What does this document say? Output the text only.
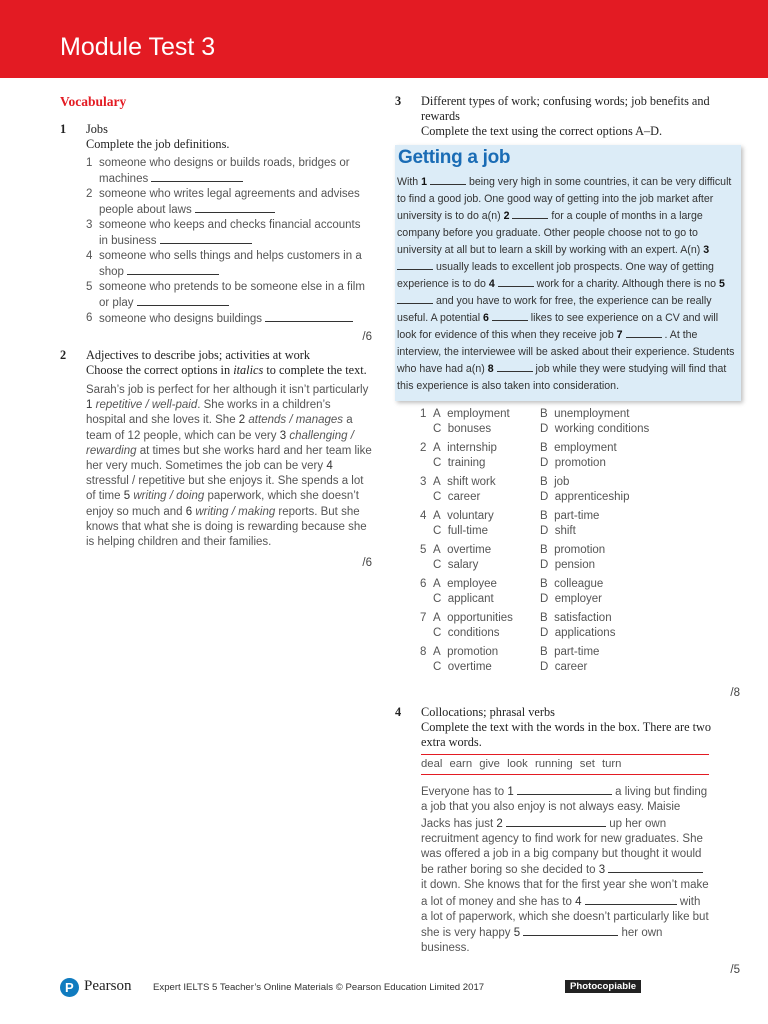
Module Test 3
Vocabulary
1 Jobs
Complete the job definitions.
1 someone who designs or builds roads, bridges or machines
2 someone who writes legal agreements and advises people about laws
3 someone who keeps and checks financial accounts in business
4 someone who sells things and helps customers in a shop
5 someone who pretends to be someone else in a film or play
6 someone who designs buildings
/6
2 Adjectives to describe jobs; activities at work
Choose the correct options in italics to complete the text.
Sarah’s job is perfect for her although it isn’t particularly 1 repetitive / well-paid. She works in a children’s hospital and she loves it. She 2 attends / manages a team of 12 people, which can be very 3 challenging / rewarding at times but she works hard and her team like her very much. Sometimes the job can be very 4 stressful / repetitive but she enjoys it. She spends a lot of time 5 writing / doing paperwork, which she doesn’t enjoy so much and 6 writing / making reports. But she knows that what she is doing is rewarding because she is helping children and their families.
/6
3 Different types of work; confusing words; job benefits and rewards
Complete the text using the correct options A–D.
Getting a job
With 1	being very high in some countries, it can be very difficult to find a good job. One good way of getting into the job market after university is to do a(n) 2	for a couple of months in a large company before you graduate. Other people choose not to go to university at all but to learn a skill by working with an expert. A(n) 3  usually leads to excellent job prospects. One way of getting experience is to do 4	work for a charity. Although there is no 5  and you have to work for free, the experience can be really useful. A potential 6	likes to see experience on a CV and will look for evidence of this when they receive job 7	. At the interview, the interviewee will be asked about their experience. Students who have had a(n) 8	job while they were studying will find that this experience is also taken into consideration.
1 A  employment	B  unemployment
C  bonuses	D  working conditions
2 A  internship	B  employment
C  training	D  promotion
3 A  shift work	B  job
C  career	D  apprenticeship
4 A  voluntary	B  part-time
C  full-time	D  shift
5 A  overtime	B  promotion
C  salary	D  pension
6 A  employee	B  colleague
C  applicant	D  employer
7 A  opportunities B  satisfaction
C  conditions	D  applications
8 A  promotion	B  part-time
C  overtime	D  career
/8
4 Collocations; phrasal verbs
Complete the text with the words in the box. There are two extra words.
deal earn give look running set turn
Everyone has to 1	a living but finding a job that you also enjoy is not always easy. Maisie Jacks has just 2	up her own recruitment agency to find work for new graduates. She was offered a job in a big company but thought it would be rather boring so she decided to 3  it down. She knows that for the first year she won’t make a lot of money and she has to 4	with a lot of paperwork, which she doesn’t particularly like but she is very happy 5	her own business.
/5
P Pearson Expert IELTS 5 Teacher’s Online Materials © Pearson Education Limited 2017	Photocopiable
